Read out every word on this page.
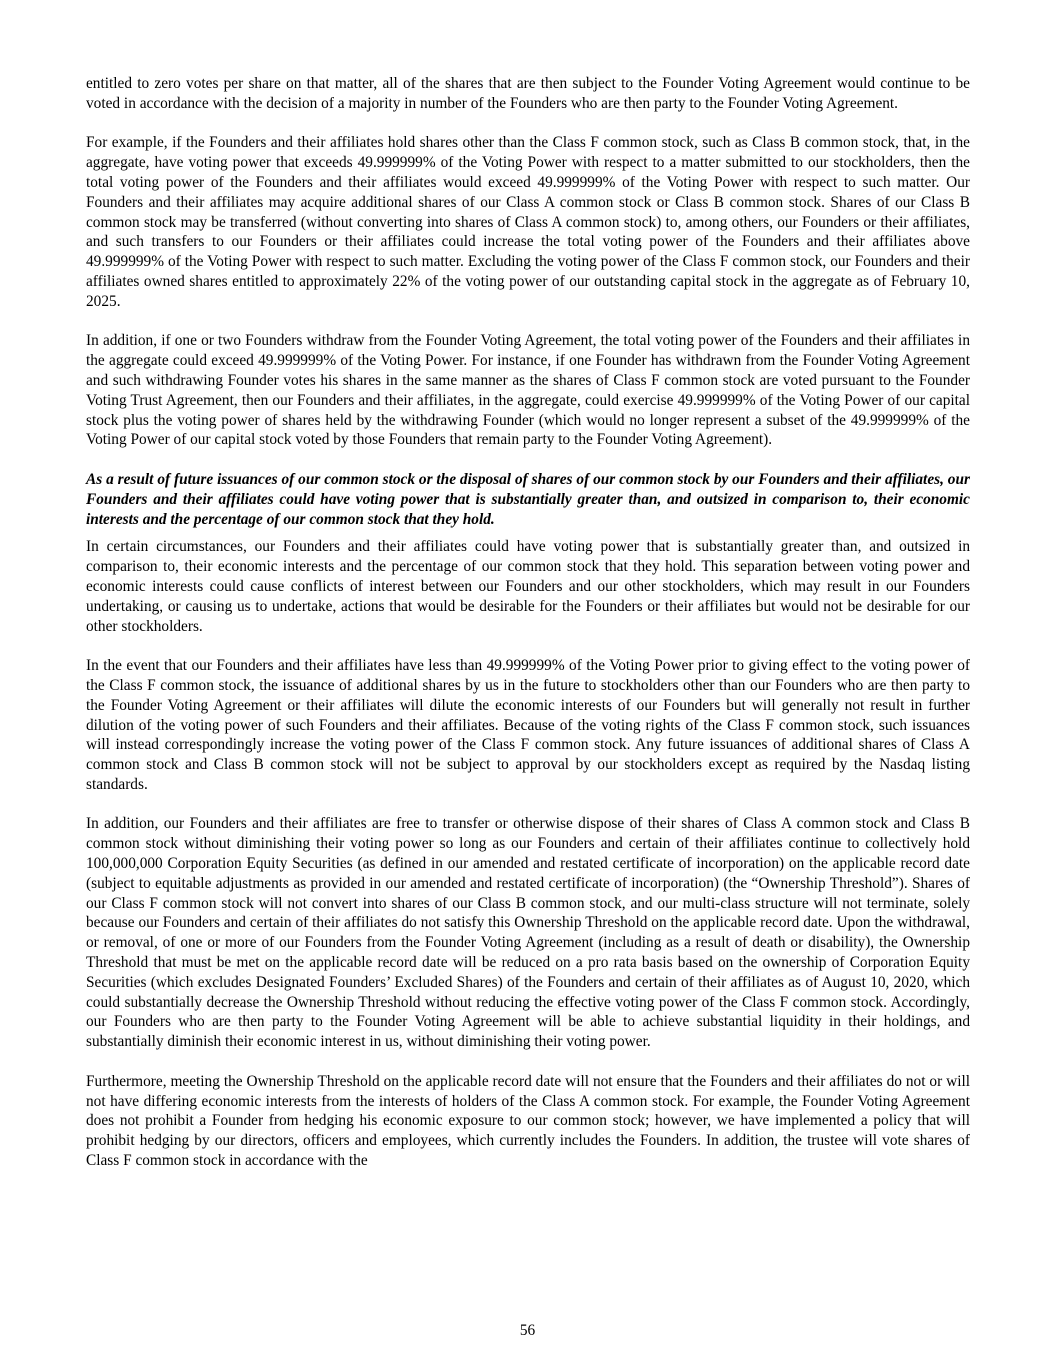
entitled to zero votes per share on that matter, all of the shares that are then subject to the Founder Voting Agreement would continue to be voted in accordance with the decision of a majority in number of the Founders who are then party to the Founder Voting Agreement.

For example, if the Founders and their affiliates hold shares other than the Class F common stock, such as Class B common stock, that, in the aggregate, have voting power that exceeds 49.999999% of the Voting Power with respect to a matter submitted to our stockholders, then the total voting power of the Founders and their affiliates would exceed 49.999999% of the Voting Power with respect to such matter. Our Founders and their affiliates may acquire additional shares of our Class A common stock or Class B common stock. Shares of our Class B common stock may be transferred (without converting into shares of Class A common stock) to, among others, our Founders or their affiliates, and such transfers to our Founders or their affiliates could increase the total voting power of the Founders and their affiliates above 49.999999% of the Voting Power with respect to such matter. Excluding the voting power of the Class F common stock, our Founders and their affiliates owned shares entitled to approximately 22% of the voting power of our outstanding capital stock in the aggregate as of February 10, 2025.

In addition, if one or two Founders withdraw from the Founder Voting Agreement, the total voting power of the Founders and their affiliates in the aggregate could exceed 49.999999% of the Voting Power. For instance, if one Founder has withdrawn from the Founder Voting Agreement and such withdrawing Founder votes his shares in the same manner as the shares of Class F common stock are voted pursuant to the Founder Voting Trust Agreement, then our Founders and their affiliates, in the aggregate, could exercise 49.999999% of the Voting Power of our capital stock plus the voting power of shares held by the withdrawing Founder (which would no longer represent a subset of the 49.999999% of the Voting Power of our capital stock voted by those Founders that remain party to the Founder Voting Agreement).

As a result of future issuances of our common stock or the disposal of shares of our common stock by our Founders and their affiliates, our Founders and their affiliates could have voting power that is substantially greater than, and outsized in comparison to, their economic interests and the percentage of our common stock that they hold.

In certain circumstances, our Founders and their affiliates could have voting power that is substantially greater than, and outsized in comparison to, their economic interests and the percentage of our common stock that they hold. This separation between voting power and economic interests could cause conflicts of interest between our Founders and our other stockholders, which may result in our Founders undertaking, or causing us to undertake, actions that would be desirable for the Founders or their affiliates but would not be desirable for our other stockholders.

In the event that our Founders and their affiliates have less than 49.999999% of the Voting Power prior to giving effect to the voting power of the Class F common stock, the issuance of additional shares by us in the future to stockholders other than our Founders who are then party to the Founder Voting Agreement or their affiliates will dilute the economic interests of our Founders but will generally not result in further dilution of the voting power of such Founders and their affiliates. Because of the voting rights of the Class F common stock, such issuances will instead correspondingly increase the voting power of the Class F common stock. Any future issuances of additional shares of Class A common stock and Class B common stock will not be subject to approval by our stockholders except as required by the Nasdaq listing standards.

In addition, our Founders and their affiliates are free to transfer or otherwise dispose of their shares of Class A common stock and Class B common stock without diminishing their voting power so long as our Founders and certain of their affiliates continue to collectively hold 100,000,000 Corporation Equity Securities (as defined in our amended and restated certificate of incorporation) on the applicable record date (subject to equitable adjustments as provided in our amended and restated certificate of incorporation) (the “Ownership Threshold”). Shares of our Class F common stock will not convert into shares of our Class B common stock, and our multi-class structure will not terminate, solely because our Founders and certain of their affiliates do not satisfy this Ownership Threshold on the applicable record date. Upon the withdrawal, or removal, of one or more of our Founders from the Founder Voting Agreement (including as a result of death or disability), the Ownership Threshold that must be met on the applicable record date will be reduced on a pro rata basis based on the ownership of Corporation Equity Securities (which excludes Designated Founders’ Excluded Shares) of the Founders and certain of their affiliates as of August 10, 2020, which could substantially decrease the Ownership Threshold without reducing the effective voting power of the Class F common stock. Accordingly, our Founders who are then party to the Founder Voting Agreement will be able to achieve substantial liquidity in their holdings, and substantially diminish their economic interest in us, without diminishing their voting power.

Furthermore, meeting the Ownership Threshold on the applicable record date will not ensure that the Founders and their affiliates do not or will not have differing economic interests from the interests of holders of the Class A common stock. For example, the Founder Voting Agreement does not prohibit a Founder from hedging his economic exposure to our common stock; however, we have implemented a policy that will prohibit hedging by our directors, officers and employees, which currently includes the Founders. In addition, the trustee will vote shares of Class F common stock in accordance with the

56
